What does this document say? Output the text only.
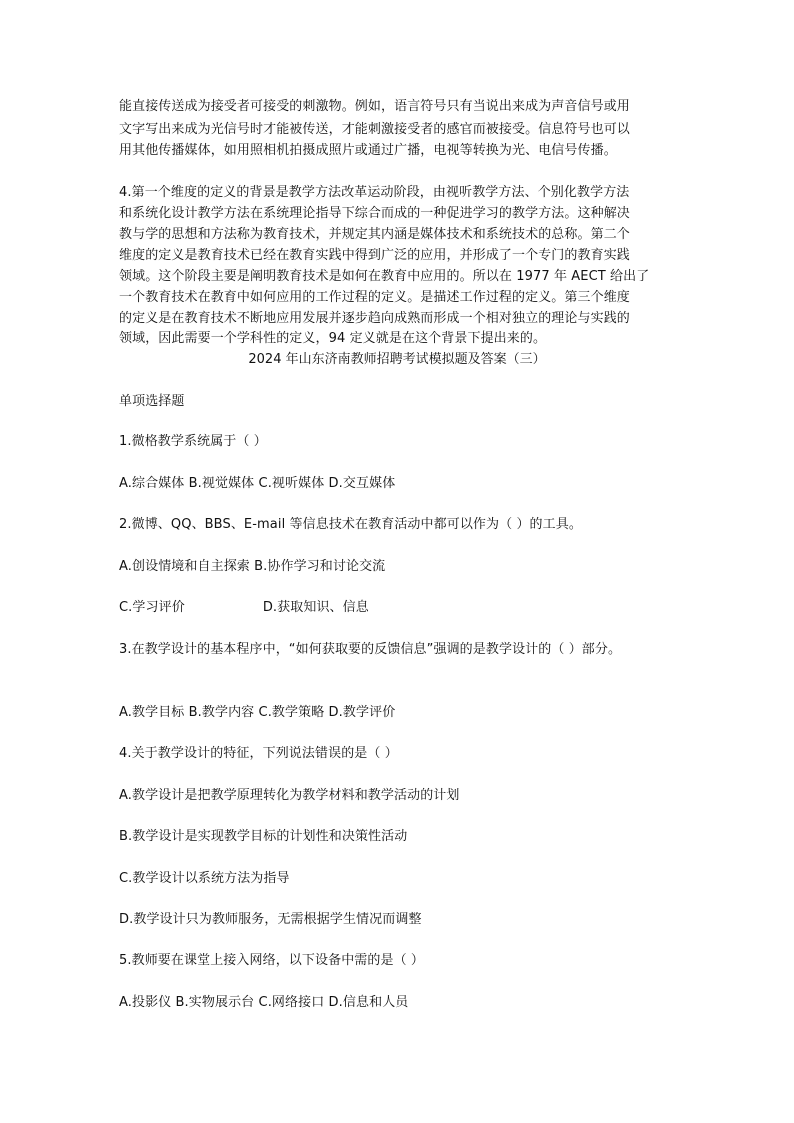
能直接传送成为接受者可接受的刺激物。例如，语言符号只有当说出来成为声音信号或用
文字写出来成为光信号时才能被传送，才能刺激接受者的感官而被接受。信息符号也可以
用其他传播媒体，如用照相机拍摄成照片或通过广播，电视等转换为光、电信号传播。
4.第一个维度的定义的背景是教学方法改革运动阶段，由视听教学方法、个别化教学方法
和系统化设计教学方法在系统理论指导下综合而成的一种促进学习的教学方法。这种解决
教与学的思想和方法称为教育技术，并规定其内涵是媒体技术和系统技术的总称。第二个
维度的定义是教育技术已经在教育实践中得到广泛的应用，并形成了一个专门的教育实践
领域。这个阶段主要是阐明教育技术是如何在教育中应用的。所以在 1977 年 AECT 给出了
一个教育技术在教育中如何应用的工作过程的定义。是描述工作过程的定义。第三个维度
的定义是在教育技术不断地应用发展并逐步趋向成熟而形成一个相对独立的理论与实践的
领域，因此需要一个学科性的定义，94 定义就是在这个背景下提出来的。
2024 年山东济南教师招聘考试模拟题及答案（三）
单项选择题
1.微格教学系统属于（ ）
A.综合媒体 B.视觉媒体 C.视听媒体 D.交互媒体
2.微博、QQ、BBS、E-mail 等信息技术在教育活动中都可以作为（ ）的工具。
A.创设情境和自主探索 B.协作学习和讨论交流
C.学习评价	D.获取知识、信息
3.在教学设计的基本程序中，“如何获取要的反馈信息”强调的是教学设计的（ ）部分。
A.教学目标 B.教学内容 C.教学策略 D.教学评价
4.关于教学设计的特征，下列说法错误的是（ ）
A.教学设计是把教学原理转化为教学材料和教学活动的计划
B.教学设计是实现教学目标的计划性和决策性活动
C.教学设计以系统方法为指导
D.教学设计只为教师服务，无需根据学生情况而调整
5.教师要在课堂上接入网络，以下设备中需的是（ ）
A.投影仪 B.实物展示台 C.网络接口 D.信息和人员
